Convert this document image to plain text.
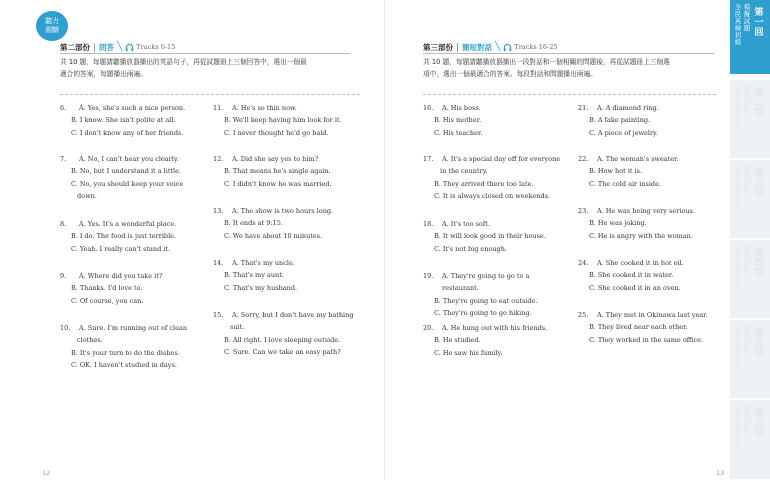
聽力
測驗
第二部份 問答 ╲ Tracks 6-15
共 10 題，每題請聽播放器播出的英語句子，再從試題冊上三個回答中，選出一個最
適合的答案，每題播出兩遍。
6. A. Yes, she's such a nice person.
B. I know. She isn't polite at all.
C. I don't know any of her friends.
7. A. No, I can't hear you clearly.
B. No, but I understand it a little.
C. No, you should keep your voice
down.
8. A. Yes. It's a wonderful place.
B. I do. The food is just terrible.
C. Yeah. I really can't stand it.
9. A. Where did you take it?
B. Thanks. I'd love to.
C. Of course, you can.
10. A. Sure. I'm running out of clean
clothes.
B. It's your turn to do the dishes.
C. OK. I haven't studied in days.
11. A. He's so thin now.
B. We'll keep having him look for it.
C. I never thought he'd go bald.
12. A. Did she say yes to him?
B. That means he's single again.
C. I didn't know he was married.
13. A. The show is two hours long.
B. It ends at 9:15.
C. We have about 10 minutes.
14. A. That's my uncle.
B. That's my aunt.
C. That's my husband.
15. A. Sorry, but I don't have my bathing
suit.
B. All right. I love sleeping outside.
C. Sure. Can we take an easy path?
12
第三部份 簡短對話 ╲ Tracks 16-25
共 10 題，每題請聽播放器播出一段對話和一個相關的問題後，再從試題冊上三個選
項中，選出一個最適合的答案。每段對話和問題播出兩遍。
16. A. His boss.
B. His mother.
C. His teacher.
17. A. It's a special day off for everyone
in the country.
B. They arrived there too late.
C. It is always closed on weekends.
18. A. It's too soft.
B. It will look good in their house.
C. It's not big enough.
19. A. They're going to go to a restaurant.
B. They're going to eat outside.
C. They're going to go hiking.
20. A. He hung out with his friends.
B. He studied.
C. He saw his family.
21. A. A diamond ring.
B. A fake painting.
C. A piece of jewelry.
22. A. The woman's sweater.
B. How hot it is.
C. The cold air inside.
23. A. He was being very serious.
B. He was joking.
C. He is angry with the woman.
24. A. She cooked it in hot oil.
B. She cooked it in water.
C. She cooked it in an oven.
25. A. They met in Okinawa last year.
B. They lived near each other.
C. They worked in the same office.
13
全民英檢初級
模擬試題
第一回
全民英檢初級
模擬試題
第二回
全民英檢初級
模擬試題
第三回
全民英檢初級
模擬試題
第四回
全民英檢初級
模擬試題
第五回
全民英檢初級
模擬試題
第六回
